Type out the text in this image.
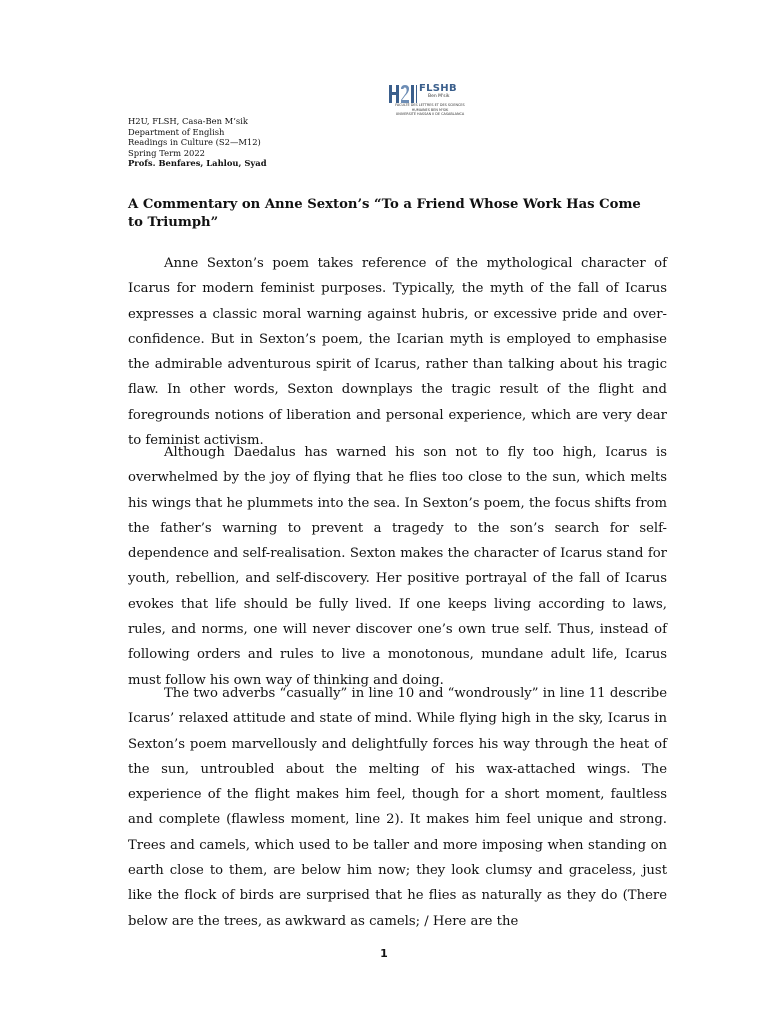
FLSHB
Ben M'sik
FACULTÉ DES LETTRES ET DES SCIENCES
HUMAINES BEN M'SIK
UNIVERSITÉ HASSAN II DE CASABLANCA
H2U, FLSH, Casa-Ben M’sik
Department of English
Readings in Culture (S2—M12)
Spring Term 2022
Profs. Benfares, Lahlou, Syad
A Commentary on Anne Sexton’s “To a Friend Whose Work Has Come to Triumph”
Anne Sexton’s poem takes reference of the mythological character of Icarus for modern feminist purposes. Typically, the myth of the fall of Icarus expresses a classic moral warning against hubris, or excessive pride and over-confidence. But in Sexton’s poem, the Icarian myth is employed to emphasise the admirable adventurous spirit of Icarus, rather than talking about his tragic flaw. In other words, Sexton downplays the tragic result of the flight and foregrounds notions of liberation and personal experience, which are very dear to feminist activism.
Although Daedalus has warned his son not to fly too high, Icarus is overwhelmed by the joy of flying that he flies too close to the sun, which melts his wings that he plummets into the sea. In Sexton’s poem, the focus shifts from the father’s warning to prevent a tragedy to the son’s search for self-dependence and self-realisation. Sexton makes the character of Icarus stand for youth, rebellion, and self-discovery. Her positive portrayal of the fall of Icarus evokes that life should be fully lived. If one keeps living according to laws, rules, and norms, one will never discover one’s own true self. Thus, instead of following orders and rules to live a monotonous, mundane adult life, Icarus must follow his own way of thinking and doing.
The two adverbs “casually” in line 10 and “wondrously” in line 11 describe Icarus’ relaxed attitude and state of mind. While flying high in the sky, Icarus in Sexton’s poem marvellously and delightfully forces his way through the heat of the sun, untroubled about the melting of his wax-attached wings. The experience of the flight makes him feel, though for a short moment, faultless and complete (flawless moment, line 2). It makes him feel unique and strong. Trees and camels, which used to be taller and more imposing when standing on earth close to them, are below him now; they look clumsy and graceless, just like the flock of birds are surprised that he flies as naturally as they do (There below are the trees, as awkward as camels; / Here are the
1
